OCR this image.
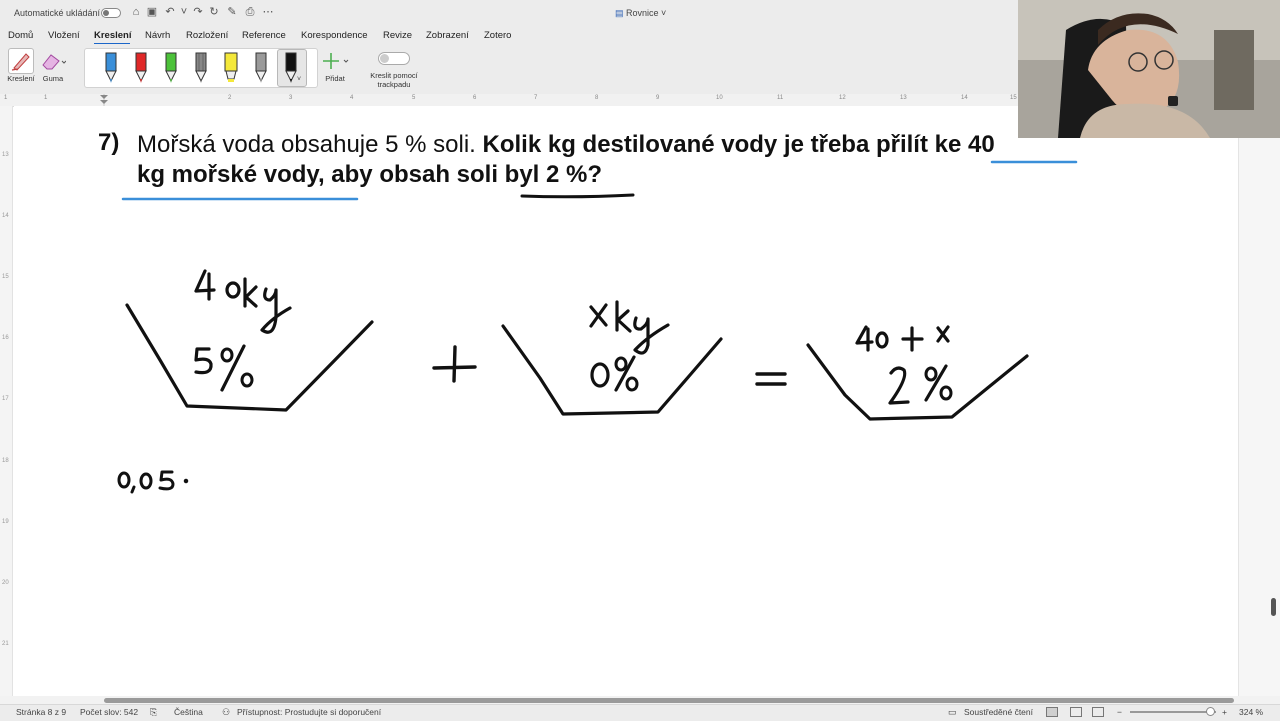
Automatické ukládání	⌂ ▣ ↶ ˅ ↷ ↻ ✎ ⎙ ⋯	▤ Rovnice ˅
Domů Vložení Kreslení Návrh Rozložení Reference Korespondence Revize Zobrazení Zotero
Kreslení	Guma	˅	Přidat	Kreslit pomocí
trackpadu
1	1	2	3	4	5	6	7	8	9	10	11	12	13	14	15
13
14
15
16
17
18
19
20
21
7) Mořská voda obsahuje 5 % soli. Kolik kg destilované vody je třeba přilít ke 40
kg mořské vody, aby obsah soli byl 2 %?
Stránka 8 z 9 Počet slov: 542 ⎘ Čeština ⚇ Přístupnost: Prostudujte si doporučení	▭ Soustředěné čtení	−	+ 324 %
